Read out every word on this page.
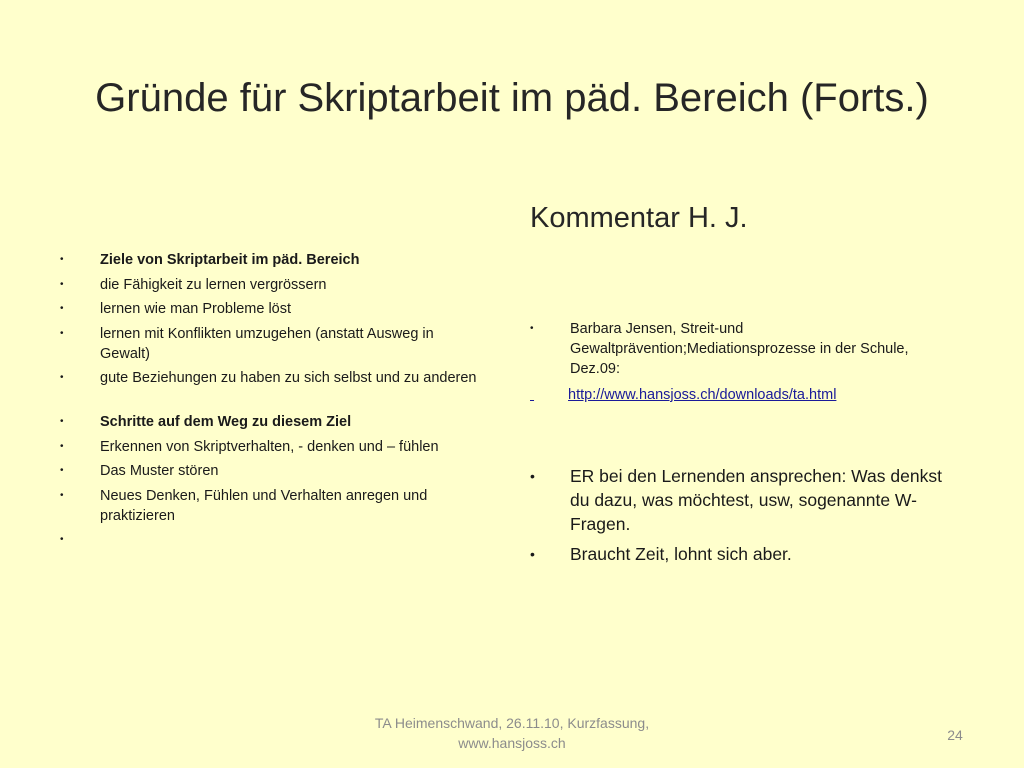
Gründe für Skriptarbeit im päd. Bereich (Forts.)
Kommentar H. J.
•	Ziele von Skriptarbeit im päd. Bereich
•	die Fähigkeit zu lernen vergrössern
•	lernen wie man Probleme löst
•	lernen mit Konflikten umzugehen (anstatt Ausweg in Gewalt)
•	gute Beziehungen zu haben zu sich selbst und zu anderen
•	Schritte auf dem Weg zu diesem Ziel
•	Erkennen von Skriptverhalten, - denken und – fühlen
•	Das Muster stören
•	Neues Denken, Fühlen und Verhalten anregen und praktizieren
•
•	Barbara Jensen, Streit-und Gewaltprävention;Mediationsprozesse in der Schule, Dez.09:
http://www.hansjoss.ch/downloads/ta.html
• ER bei den Lernenden ansprechen: Was denkst du dazu, was möchtest, usw, sogenannte W-Fragen.
• Braucht Zeit, lohnt sich aber.
TA Heimenschwand, 26.11.10, Kurzfassung,
www.hansjoss.ch	24
